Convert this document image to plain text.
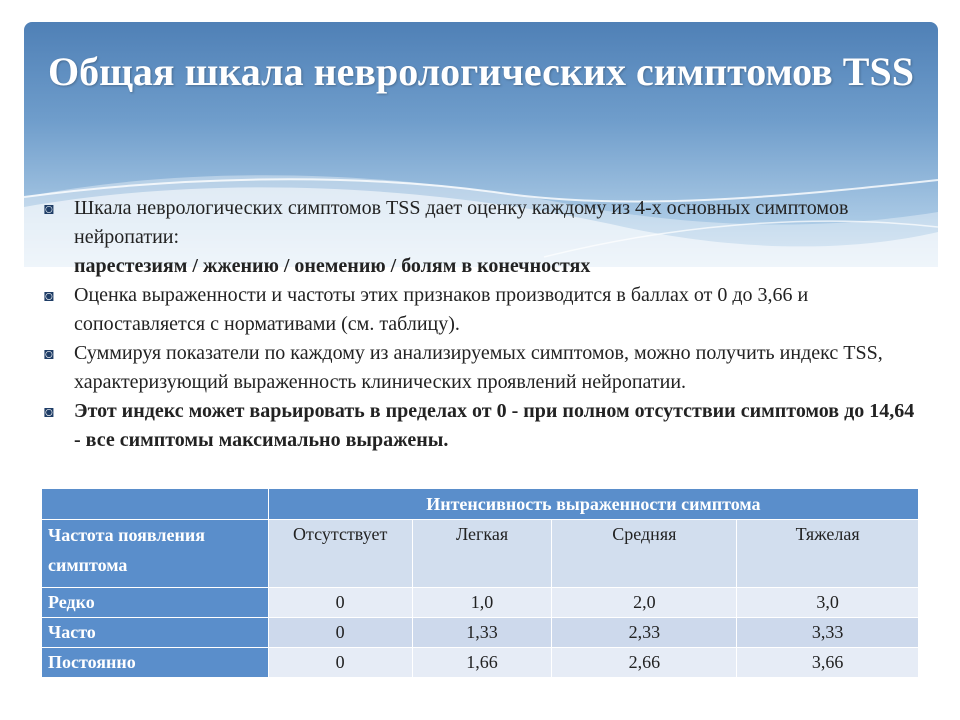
Общая шкала неврологических симптомов TSS
◙ Шкала неврологических симптомов TSS дает оценку каждому из 4-х основных симптомов нейропатии:
парестезиям / жжению / онемению / болям в конечностях
◙ Оценка выраженности и частоты этих признаков производится в баллах от 0 до 3,66 и сопоставляется с нормативами (см. таблицу).
◙ Суммируя показатели по каждому из анализируемых симптомов, можно получить индекс TSS, характеризующий выраженность клинических проявлений нейропатии.
◙ Этот индекс может варьировать в пределах от 0 - при полном отсутствии симптомов до 14,64 - все симптомы максимально выражены.
	Интенсивность выраженности симптома			
Частота появления симптома	Отсутствует	Легкая	Средняя	Тяжелая
Редко	0	1,0	2,0	3,0
Часто	0	1,33	2,33	3,33
Постоянно	0	1,66	2,66	3,66
